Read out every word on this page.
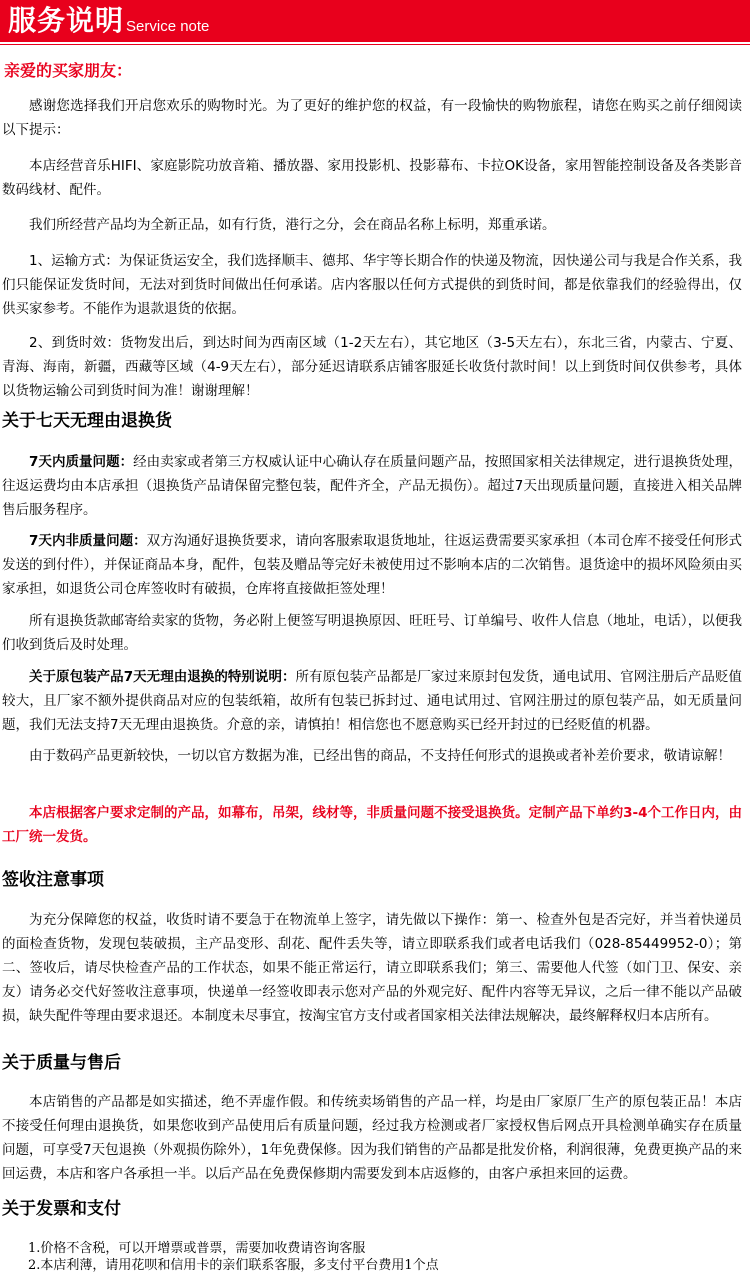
服务说明 Service note
亲爱的买家朋友：
感谢您选择我们开启您欢乐的购物时光。为了更好的维护您的权益，有一段愉快的购物旅程，请您在购买之前仔细阅读以下提示：
本店经营音乐HIFI、家庭影院功放音箱、播放器、家用投影机、投影幕布、卡拉OK设备，家用智能控制设备及各类影音数码线材、配件。
我们所经营产品均为全新正品，如有行货，港行之分，会在商品名称上标明，郑重承诺。
1、运输方式：为保证货运安全，我们选择顺丰、德邦、华宇等长期合作的快递及物流，因快递公司与我是合作关系，我们只能保证发货时间，无法对到货时间做出任何承诺。店内客服以任何方式提供的到货时间，都是依靠我们的经验得出，仅供买家参考。不能作为退款退货的依据。
2、到货时效：货物发出后，到达时间为西南区域（1-2天左右），其它地区（3-5天左右），东北三省，内蒙古、宁夏、青海、海南，新疆，西藏等区域（4-9天左右），部分延迟请联系店铺客服延长收货付款时间！以上到货时间仅供参考，具体以货物运输公司到货时间为准！谢谢理解！
关于七天无理由退换货
7天内质量问题：经由卖家或者第三方权威认证中心确认存在质量问题产品，按照国家相关法律规定，进行退换货处理，往返运费均由本店承担（退换货产品请保留完整包装，配件齐全，产品无损伤）。超过7天出现质量问题，直接进入相关品牌售后服务程序。
7天内非质量问题：双方沟通好退换货要求，请向客服索取退货地址，往返运费需要买家承担（本司仓库不接受任何形式发送的到付件），并保证商品本身，配件，包装及赠品等完好未被使用过不影响本店的二次销售。退货途中的损坏风险须由买家承担，如退货公司仓库签收时有破损，仓库将直接做拒签处理！
所有退换货款邮寄给卖家的货物，务必附上便签写明退换原因、旺旺号、订单编号、收件人信息（地址，电话），以便我们收到货后及时处理。
关于原包装产品7天无理由退换的特别说明：所有原包装产品都是厂家过来原封包发货，通电试用、官网注册后产品贬值较大，且厂家不额外提供商品对应的包装纸箱，故所有包装已拆封过、通电试用过、官网注册过的原包装产品，如无质量问题，我们无法支持7天无理由退换货。介意的亲，请慎拍！相信您也不愿意购买已经开封过的已经贬值的机器。
由于数码产品更新较快，一切以官方数据为准，已经出售的商品，不支持任何形式的退换或者补差价要求，敬请谅解！
本店根据客户要求定制的产品，如幕布，吊架，线材等，非质量问题不接受退换货。定制产品下单约3-4个工作日内，由工厂统一发货。
签收注意事项
为充分保障您的权益，收货时请不要急于在物流单上签字，请先做以下操作：第一、检查外包是否完好，并当着快递员的面检查货物，发现包装破损，主产品变形、刮花、配件丢失等，请立即联系我们或者电话我们（028-85449952-0）；第二、签收后，请尽快检查产品的工作状态，如果不能正常运行，请立即联系我们；第三、需要他人代签（如门卫、保安、亲友）请务必交代好签收注意事项，快递单一经签收即表示您对产品的外观完好、配件内容等无异议，之后一律不能以产品破损，缺失配件等理由要求退还。本制度未尽事宜，按淘宝官方支付或者国家相关法律法规解决，最终解释权归本店所有。
关于质量与售后
本店销售的产品都是如实描述，绝不弄虚作假。和传统卖场销售的产品一样，均是由厂家原厂生产的原包装正品！本店不接受任何理由退换货，如果您收到产品使用后有质量问题，经过我方检测或者厂家授权售后网点开具检测单确实存在质量问题，可享受7天包退换（外观损伤除外），1年免费保修。因为我们销售的产品都是批发价格，利润很薄，免费更换产品的来回运费，本店和客户各承担一半。以后产品在免费保修期内需要发到本店返修的，由客户承担来回的运费。
关于发票和支付
1.价格不含税，可以开增票或普票，需要加收费请咨询客服
2.本店利薄，请用花呗和信用卡的亲们联系客服，多支付平台费用1个点
